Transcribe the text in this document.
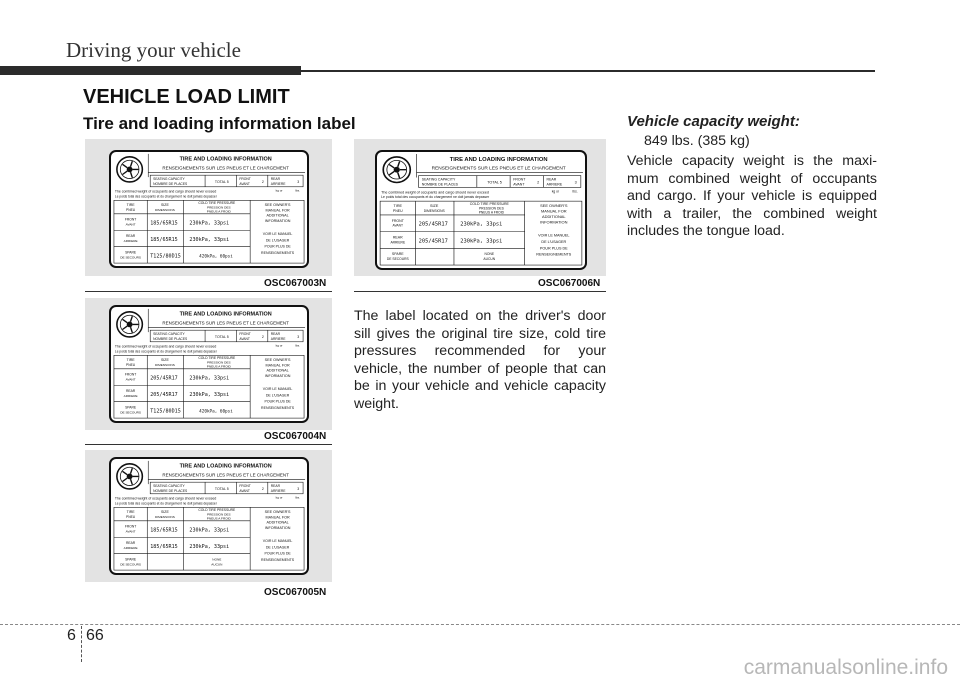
Driving your vehicle
VEHICLE LOAD LIMIT
Tire and loading information label
TIRE AND LOADING INFORMATION
RENSEIGNEMENTS SUR LES PNEUS ET LE CHARGEMENT
SEATING CAPACITY
NOMBRE DE PLACES	TOTAL 5
FRONT
AVANT	2
REAR
ARRIERE	3
The combined weight of occupants and cargo should never exceed
Le poids total des occupants et du chargement ne doit jamais depasser
kg or	lbs.
TIRE
PNEU
SIZE
DIMENSIONS
COLD TIRE PRESSURE
PRESSION DES
PNEUS A FROID
FRONT
AVANT	185/65R15 230kPa, 33psi
REAR
ARRIERE 185/65R15 230kPa, 33psi
SPARE
DE SECOURS T125/80D15	420kPa, 60psi
SEE OWNER'S
MANUAL FOR
ADDITIONAL
INFORMATION
VOIR LE MANUEL
DE L'USAGER
POUR PLUS DE
RENSEIGNEMENTS
OSC067003N
TIRE AND LOADING INFORMATION
RENSEIGNEMENTS SUR LES PNEUS ET LE CHARGEMENT
SEATING CAPACITY
NOMBRE DE PLACES	TOTAL 5
FRONT
AVANT	2
REAR
ARRIERE	3
The combined weight of occupants and cargo should never exceed
Le poids total des occupants et du chargement ne doit jamais depasser
kg or	lbs.
TIRE
PNEU
SIZE
DIMENSIONS
COLD TIRE PRESSURE
PRESSION DES
PNEUS A FROID
FRONT
AVANT	205/45R17 230kPa, 33psi
REAR
ARRIERE 205/45R17 230kPa, 33psi
SPARE
DE SECOURS T125/80D15	420kPa, 60psi
SEE OWNER'S
MANUAL FOR
ADDITIONAL
INFORMATION
VOIR LE MANUEL
DE L'USAGER
POUR PLUS DE
RENSEIGNEMENTS
OSC067004N
TIRE AND LOADING INFORMATION
RENSEIGNEMENTS SUR LES PNEUS ET LE CHARGEMENT
SEATING CAPACITY
NOMBRE DE PLACES	TOTAL 5
FRONT
AVANT	2
REAR
ARRIERE	3
The combined weight of occupants and cargo should never exceed
Le poids total des occupants et du chargement ne doit jamais depasser
kg or	lbs.
TIRE
PNEU
SIZE
DIMENSIONS
COLD TIRE PRESSURE
PRESSION DES
PNEUS A FROID
FRONT
AVANT	185/65R15 230kPa, 33psi
REAR
ARRIERE 185/65R15 230kPa, 33psi
SPARE
DE SECOURS
NONE
AUCUN
SEE OWNER'S
MANUAL FOR
ADDITIONAL
INFORMATION
VOIR LE MANUEL
DE L'USAGER
POUR PLUS DE
RENSEIGNEMENTS
OSC067005N
TIRE AND LOADING INFORMATION
RENSEIGNEMENTS SUR LES PNEUS ET LE CHARGEMENT
SEATING CAPACITY
NOMBRE DE PLACES
TOTAL 5
FRONT
AVANT
2
REAR
ARRIERE
3
The combined weight of occupants and cargo should never exceed
Le poids total des occupants et du chargement ne doit jamais depasser
kg or	lbs.
TIRE
PNEU
SIZE
DIMENSIONS
COLD TIRE PRESSURE
PRESSION DES
PNEUS A FROID
FRONT
AVANT	205/45R17 230kPa, 33psi
REAR
ARRIERE	205/45R17 230kPa, 33psi
SPARE
DE SECOURS
NONE
AUCUN
SEE OWNER'S
MANUAL FOR
ADDITIONAL
INFORMATION
VOIR LE MANUEL
DE L'USAGER
POUR PLUS DE
RENSEIGNEMENTS
OSC067006N
The label located on the driver's door sill gives the original tire size, cold tire pressures recommended for your vehicle, the number of people that can be in your vehicle and vehicle capacity weight.
Vehicle capacity weight:
849 lbs. (385 kg)
Vehicle capacity weight is the maxi-mum combined weight of occupants and cargo. If your vehicle is equipped with a trailer, the combined weight includes the tongue load.
6 66
carmanualsonline.info
